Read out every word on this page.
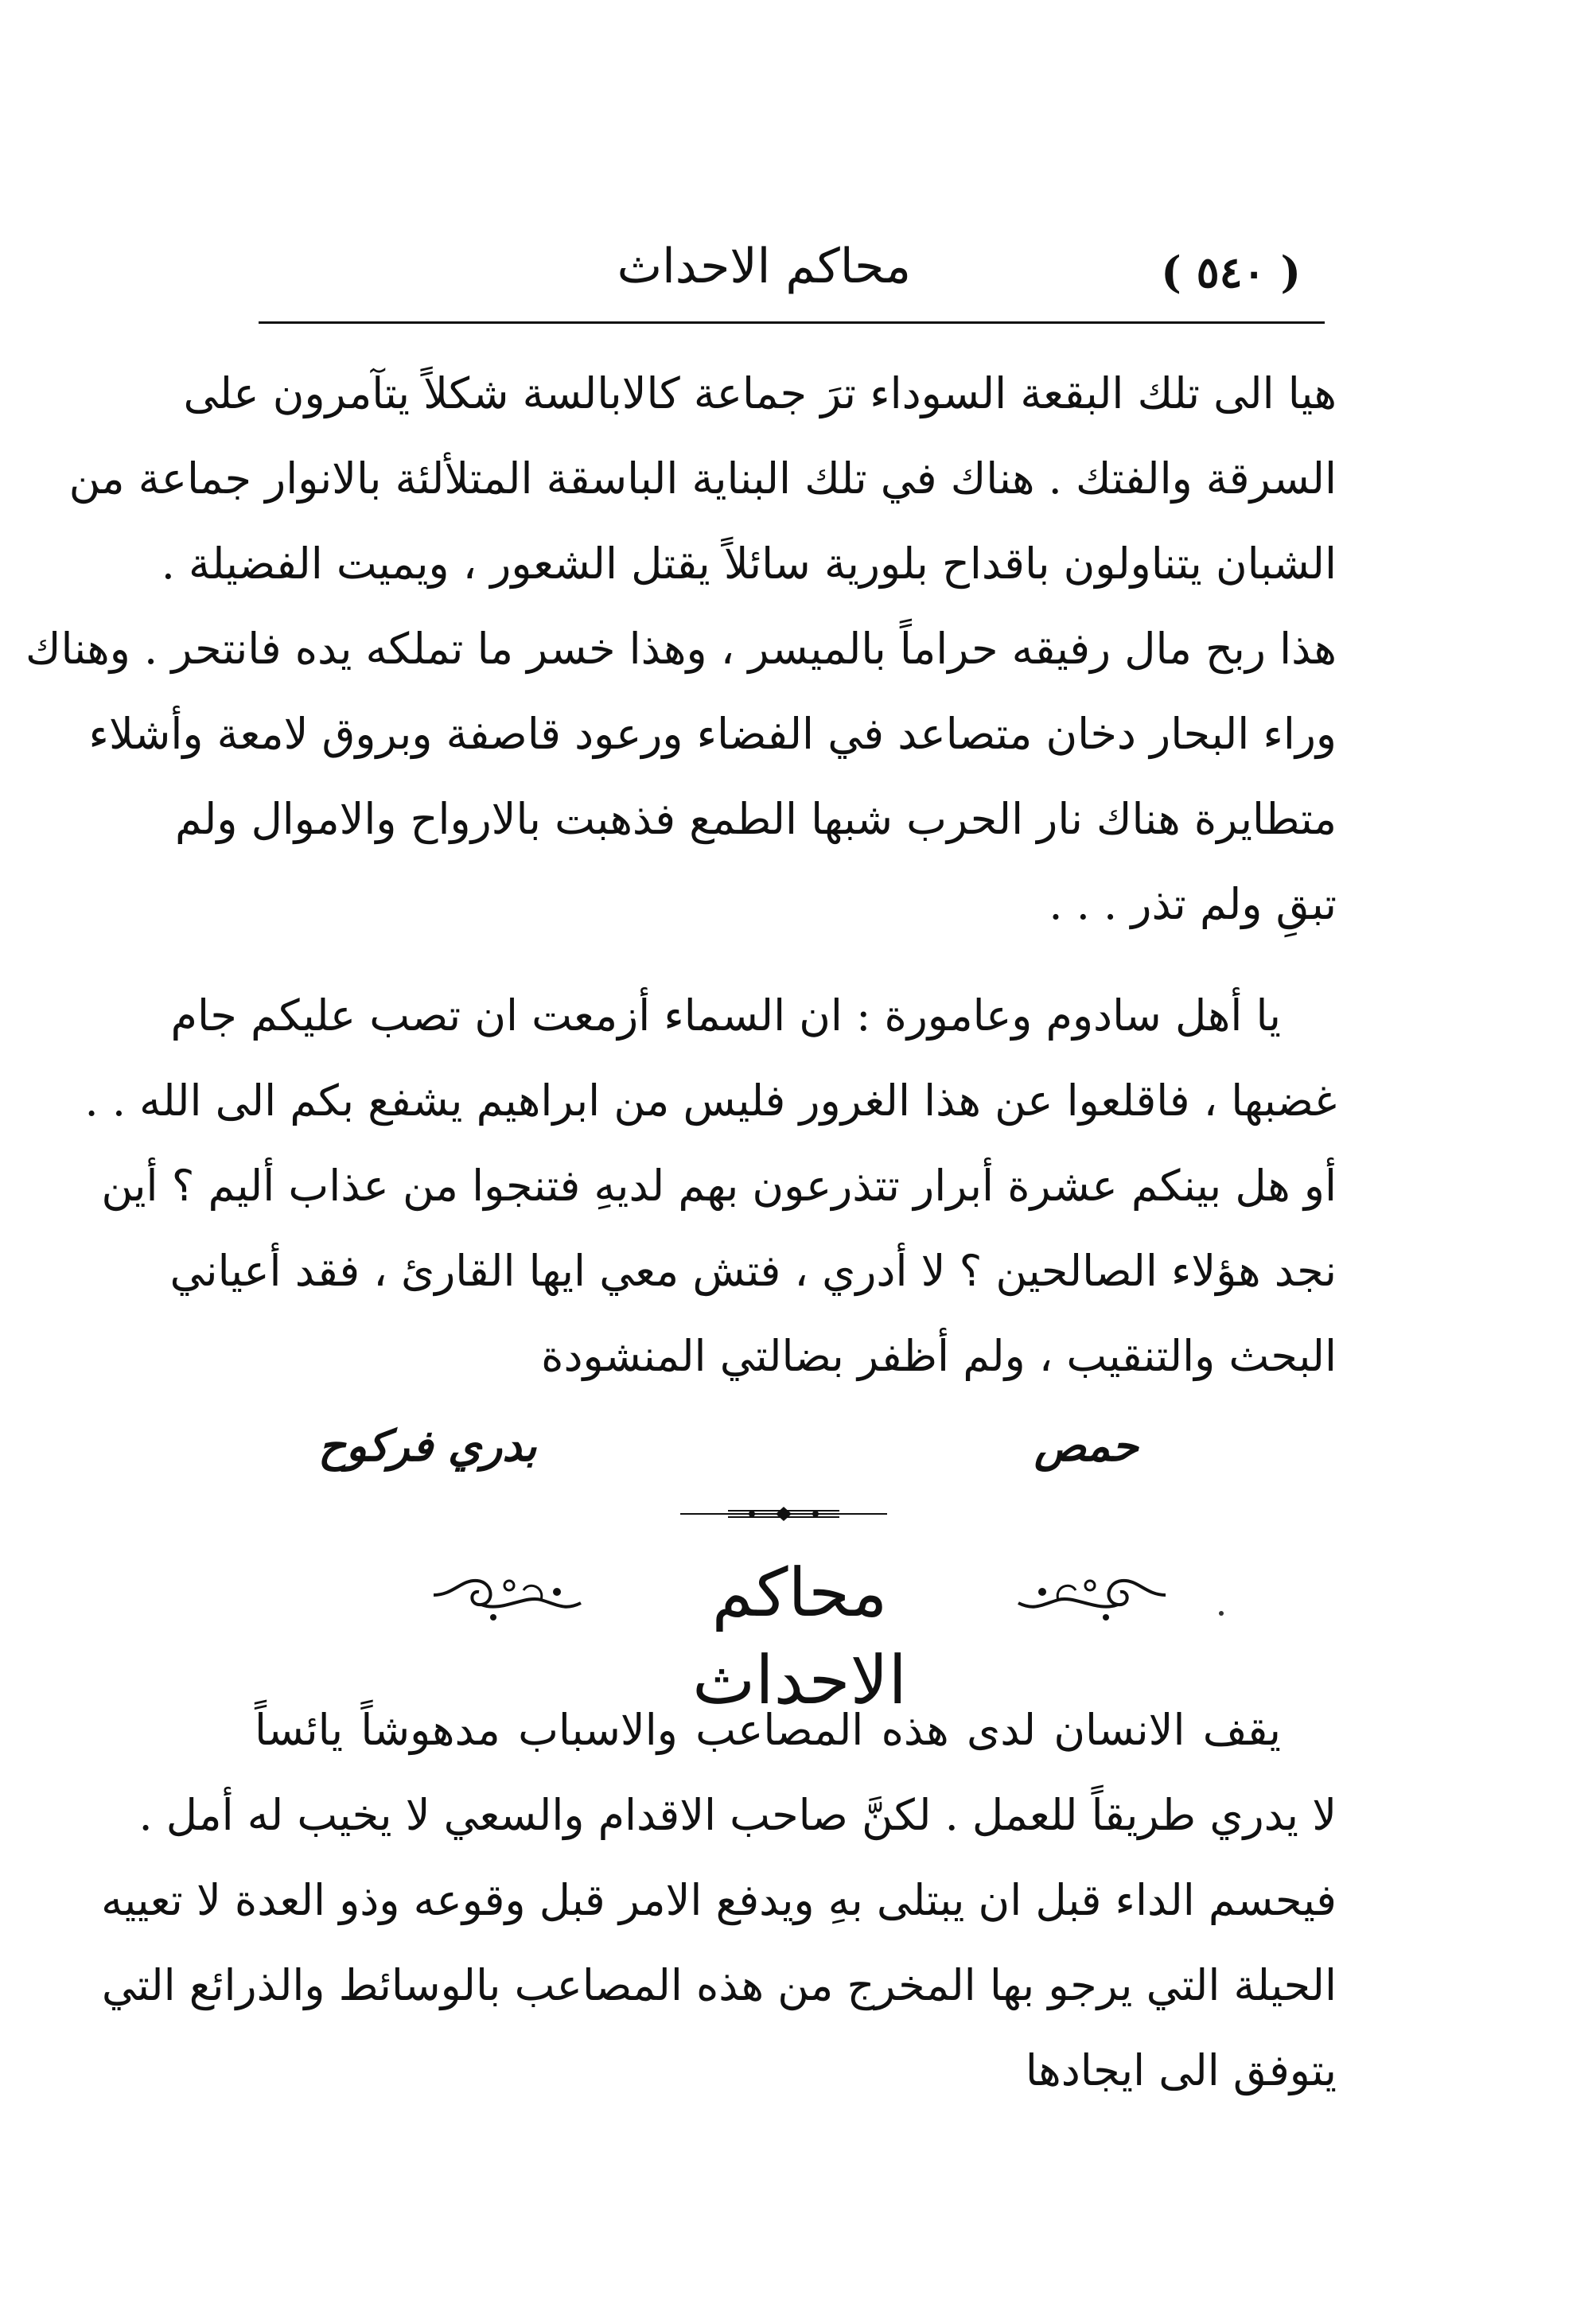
( ٥٤٠ )
محاكم الاحداث
هيا الى تلك البقعة السوداء ترَ جماعة كالابالسة شكلاً يتآمرون على
السرقة والفتك . هناك في تلك البناية الباسقة المتلألئة بالانوار جماعة من
الشبان يتناولون باقداح بلورية سائلاً يقتل الشعور ، ويميت الفضيلة .
هذا ربح مال رفيقه حراماً بالميسر ، وهذا خسر ما تملكه يده فانتحر . وهناك
وراء البحار دخان متصاعد في الفضاء ورعود قاصفة وبروق لامعة وأشلاء
متطايرة هناك نار الحرب شبها الطمع فذهبت بالارواح والاموال ولم
تبقِ ولم تذر . . .
يا أهل سادوم وعامورة : ان السماء أزمعت ان تصب عليكم جام
غضبها ، فاقلعوا عن هذا الغرور فليس من ابراهيم يشفع بكم الى الله . .
أو هل بينكم عشرة أبرار تتذرعون بهم لديهِ فتنجوا من عذاب أليم ؟ أين
نجد هؤلاء الصالحين ؟ لا أدري ، فتش معي ايها القارئ ، فقد أعياني
البحث والتنقيب ، ولم أظفر بضالتي المنشودة
حمص
بدري فركوح
محاكم الاحداث
يقف الانسان لدى هذه المصاعب والاسباب مدهوشاً يائساً
لا يدري طريقاً للعمل . لكنَّ صاحب الاقدام والسعي لا يخيب له أمل .
فيحسم الداء قبل ان يبتلى بهِ ويدفع الامر قبل وقوعه وذو العدة لا تعييه
الحيلة التي يرجو بها المخرج من هذه المصاعب بالوسائط والذرائع التي
يتوفق الى ايجادها
